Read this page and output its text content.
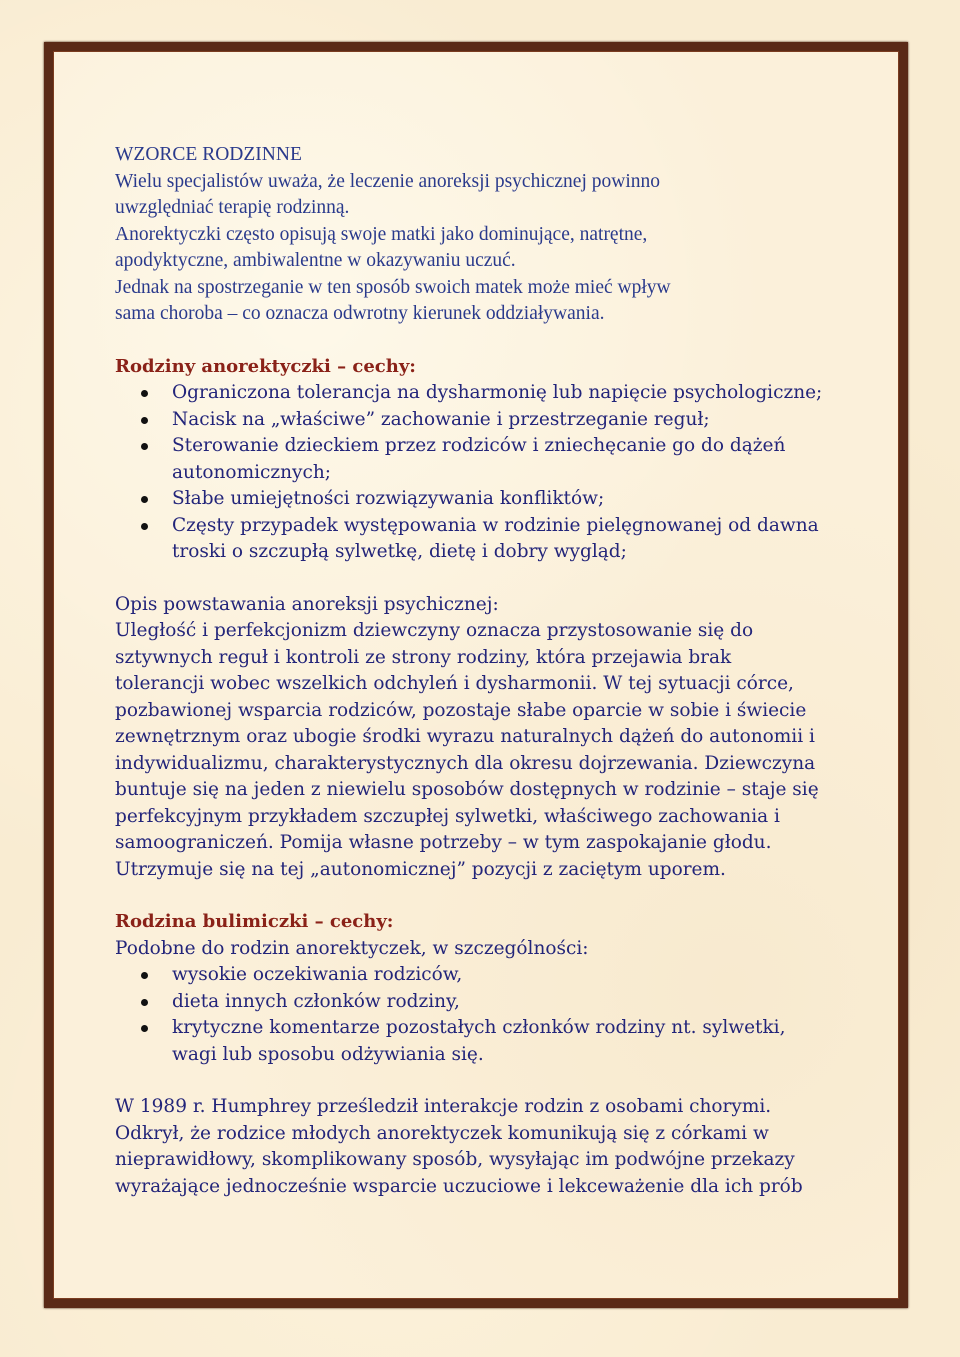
WZORCE RODZINNE
Wielu specjalistów uważa, że leczenie anoreksji psychicznej powinno
uwzględniać terapię rodzinną.
Anorektyczki często opisują swoje matki jako dominujące, natrętne,
apodyktyczne, ambiwalentne w okazywaniu uczuć.
Jednak na spostrzeganie w ten sposób swoich matek może mieć wpływ
sama choroba – co oznacza odwrotny kierunek oddziaływania.
Rodziny anorektyczki – cechy:
Ograniczona tolerancja na dysharmonię lub napięcie psychologiczne;
Nacisk na „właściwe” zachowanie i przestrzeganie reguł;
Sterowanie dzieckiem przez rodziców i zniechęcanie go do dążeń
autonomicznych;
Słabe umiejętności rozwiązywania konfliktów;
Częsty przypadek występowania w rodzinie pielęgnowanej od dawna
troski o szczupłą sylwetkę, dietę i dobry wygląd;
Opis powstawania anoreksji psychicznej:
Uległość i perfekcjonizm dziewczyny oznacza przystosowanie się do
sztywnych reguł i kontroli ze strony rodziny, która przejawia brak
tolerancji wobec wszelkich odchyleń i dysharmonii. W tej sytuacji córce,
pozbawionej wsparcia rodziców, pozostaje słabe oparcie w sobie i świecie
zewnętrznym oraz ubogie środki wyrazu naturalnych dążeń do autonomii i
indywidualizmu, charakterystycznych dla okresu dojrzewania. Dziewczyna
buntuje się na jeden z niewielu sposobów dostępnych w rodzinie – staje się
perfekcyjnym przykładem szczupłej sylwetki, właściwego zachowania i
samoograniczeń. Pomija własne potrzeby – w tym zaspokajanie głodu.
Utrzymuje się na tej „autonomicznej” pozycji z zaciętym uporem.
Rodzina bulimiczki – cechy:
Podobne do rodzin anorektyczek, w szczególności:
wysokie oczekiwania rodziców,
dieta innych członków rodziny,
krytyczne komentarze pozostałych członków rodziny nt. sylwetki,
wagi lub sposobu odżywiania się.
W 1989 r. Humphrey prześledził interakcje rodzin z osobami chorymi.
Odkrył, że rodzice młodych anorektyczek komunikują się z córkami w
nieprawidłowy, skomplikowany sposób, wysyłając im podwójne przekazy
wyrażające jednocześnie wsparcie uczuciowe i lekceważenie dla ich prób
